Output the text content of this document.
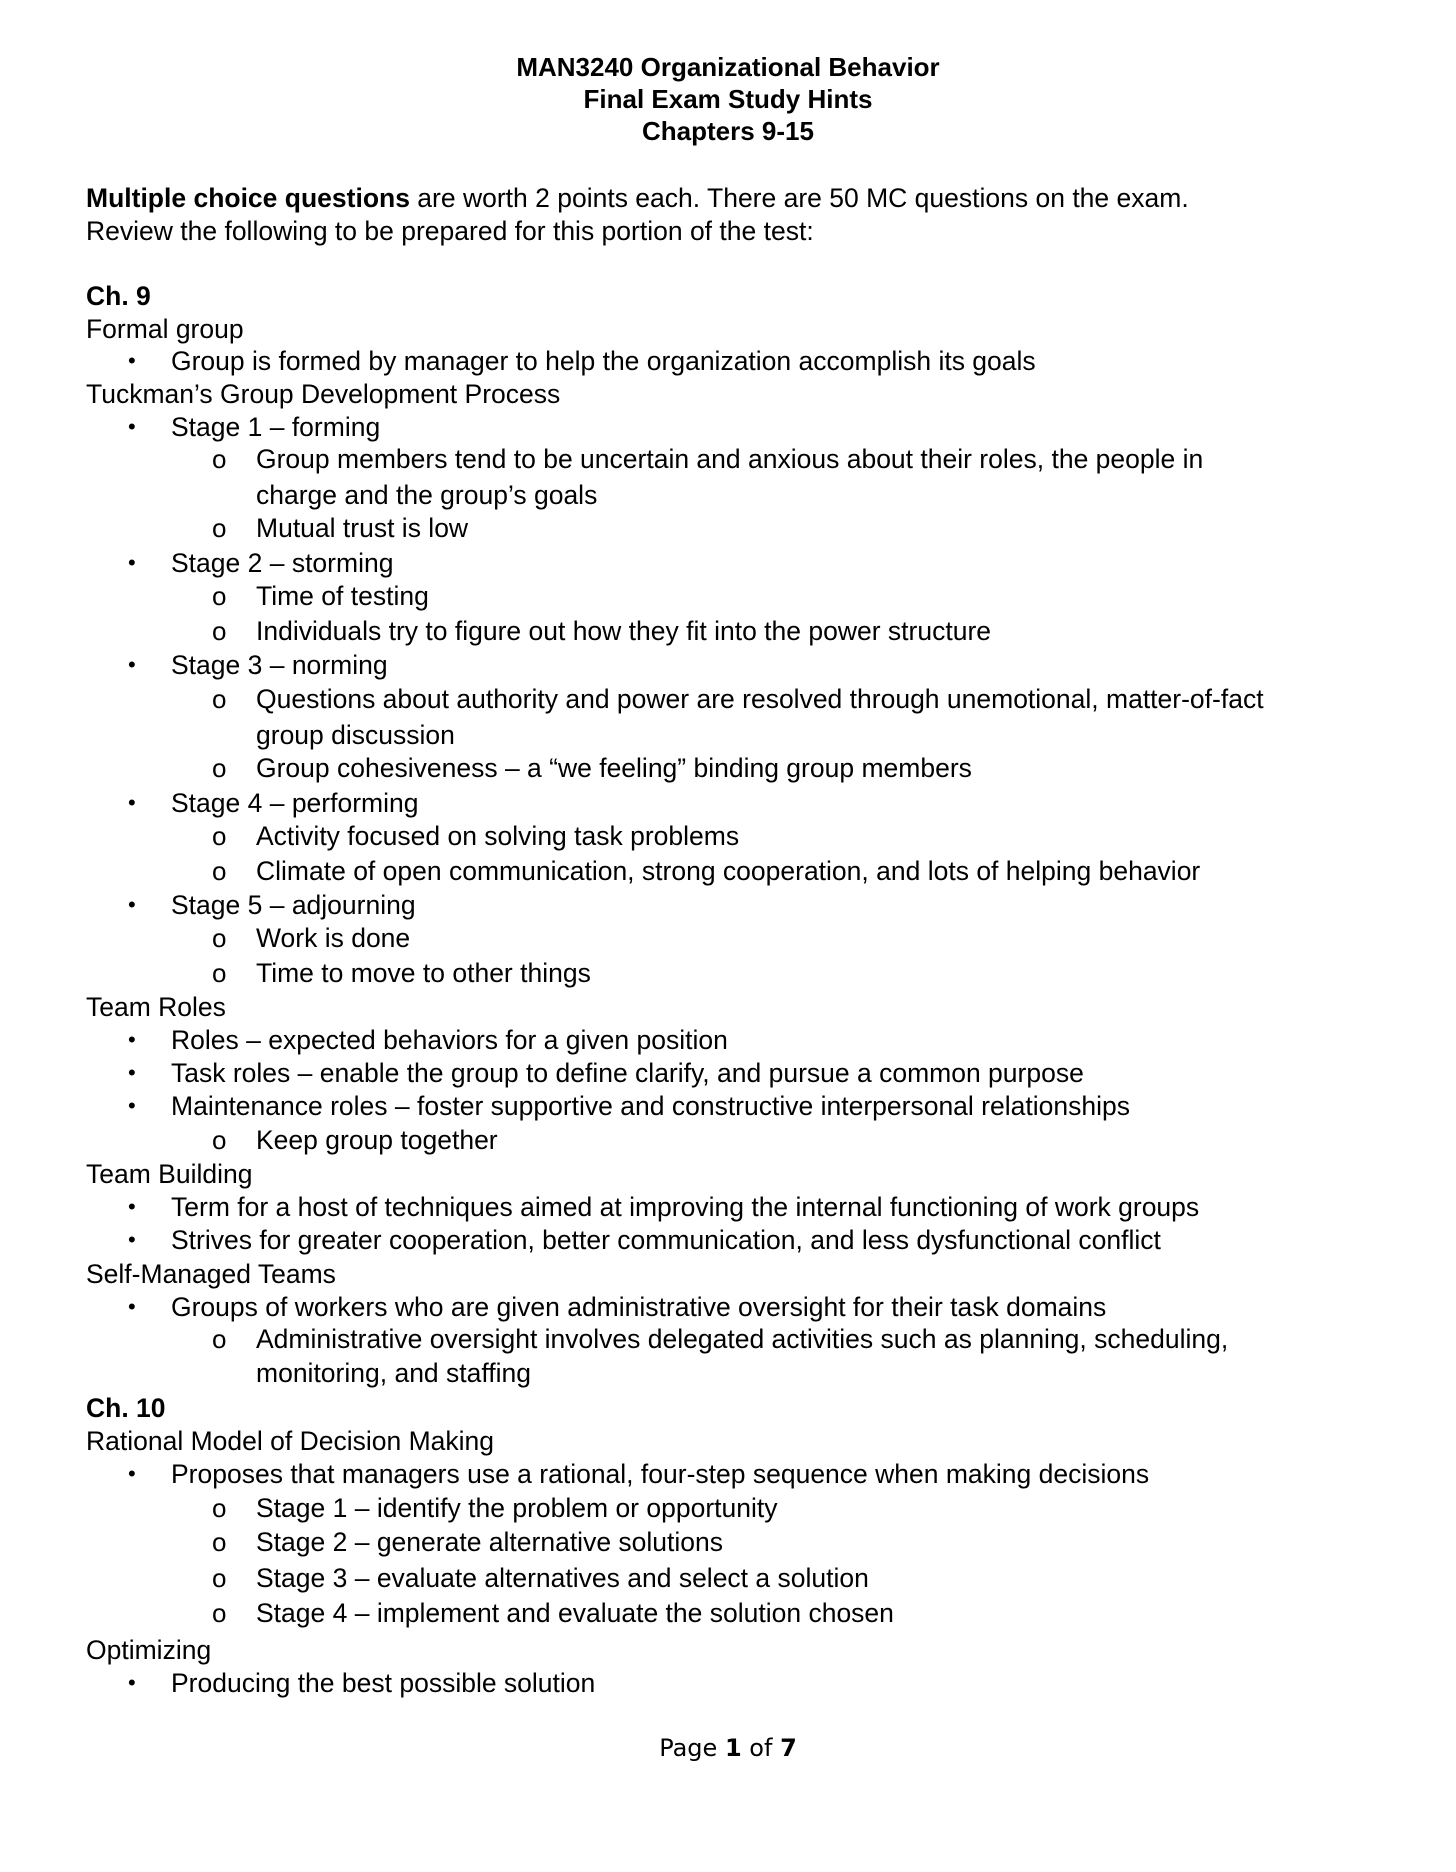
MAN3240 Organizational Behavior
Final Exam Study Hints
Chapters 9-15
Multiple choice questions are worth 2 points each. There are 50 MC questions on the exam.
Review the following to be prepared for this portion of the test:
Ch. 9
Formal group
• Group is formed by manager to help the organization accomplish its goals
Tuckman’s Group Development Process
• Stage 1 – forming
o Group members tend to be uncertain and anxious about their roles, the people in
charge and the group’s goals
o Mutual trust is low
• Stage 2 – storming
o Time of testing
o Individuals try to figure out how they fit into the power structure
• Stage 3 – norming
o Questions about authority and power are resolved through unemotional, matter-of-fact
group discussion
o Group cohesiveness – a “we feeling” binding group members
• Stage 4 – performing
o Activity focused on solving task problems
o Climate of open communication, strong cooperation, and lots of helping behavior
• Stage 5 – adjourning
o Work is done
o Time to move to other things
Team Roles
• Roles – expected behaviors for a given position
• Task roles – enable the group to define clarify, and pursue a common purpose
• Maintenance roles – foster supportive and constructive interpersonal relationships
o Keep group together
Team Building
• Term for a host of techniques aimed at improving the internal functioning of work groups
• Strives for greater cooperation, better communication, and less dysfunctional conflict
Self-Managed Teams
• Groups of workers who are given administrative oversight for their task domains
o Administrative oversight involves delegated activities such as planning, scheduling,
monitoring, and staffing
Ch. 10
Rational Model of Decision Making
• Proposes that managers use a rational, four-step sequence when making decisions
o Stage 1 – identify the problem or opportunity
o Stage 2 – generate alternative solutions
o Stage 3 – evaluate alternatives and select a solution
o Stage 4 – implement and evaluate the solution chosen
Optimizing
• Producing the best possible solution
Page 1 of 7
